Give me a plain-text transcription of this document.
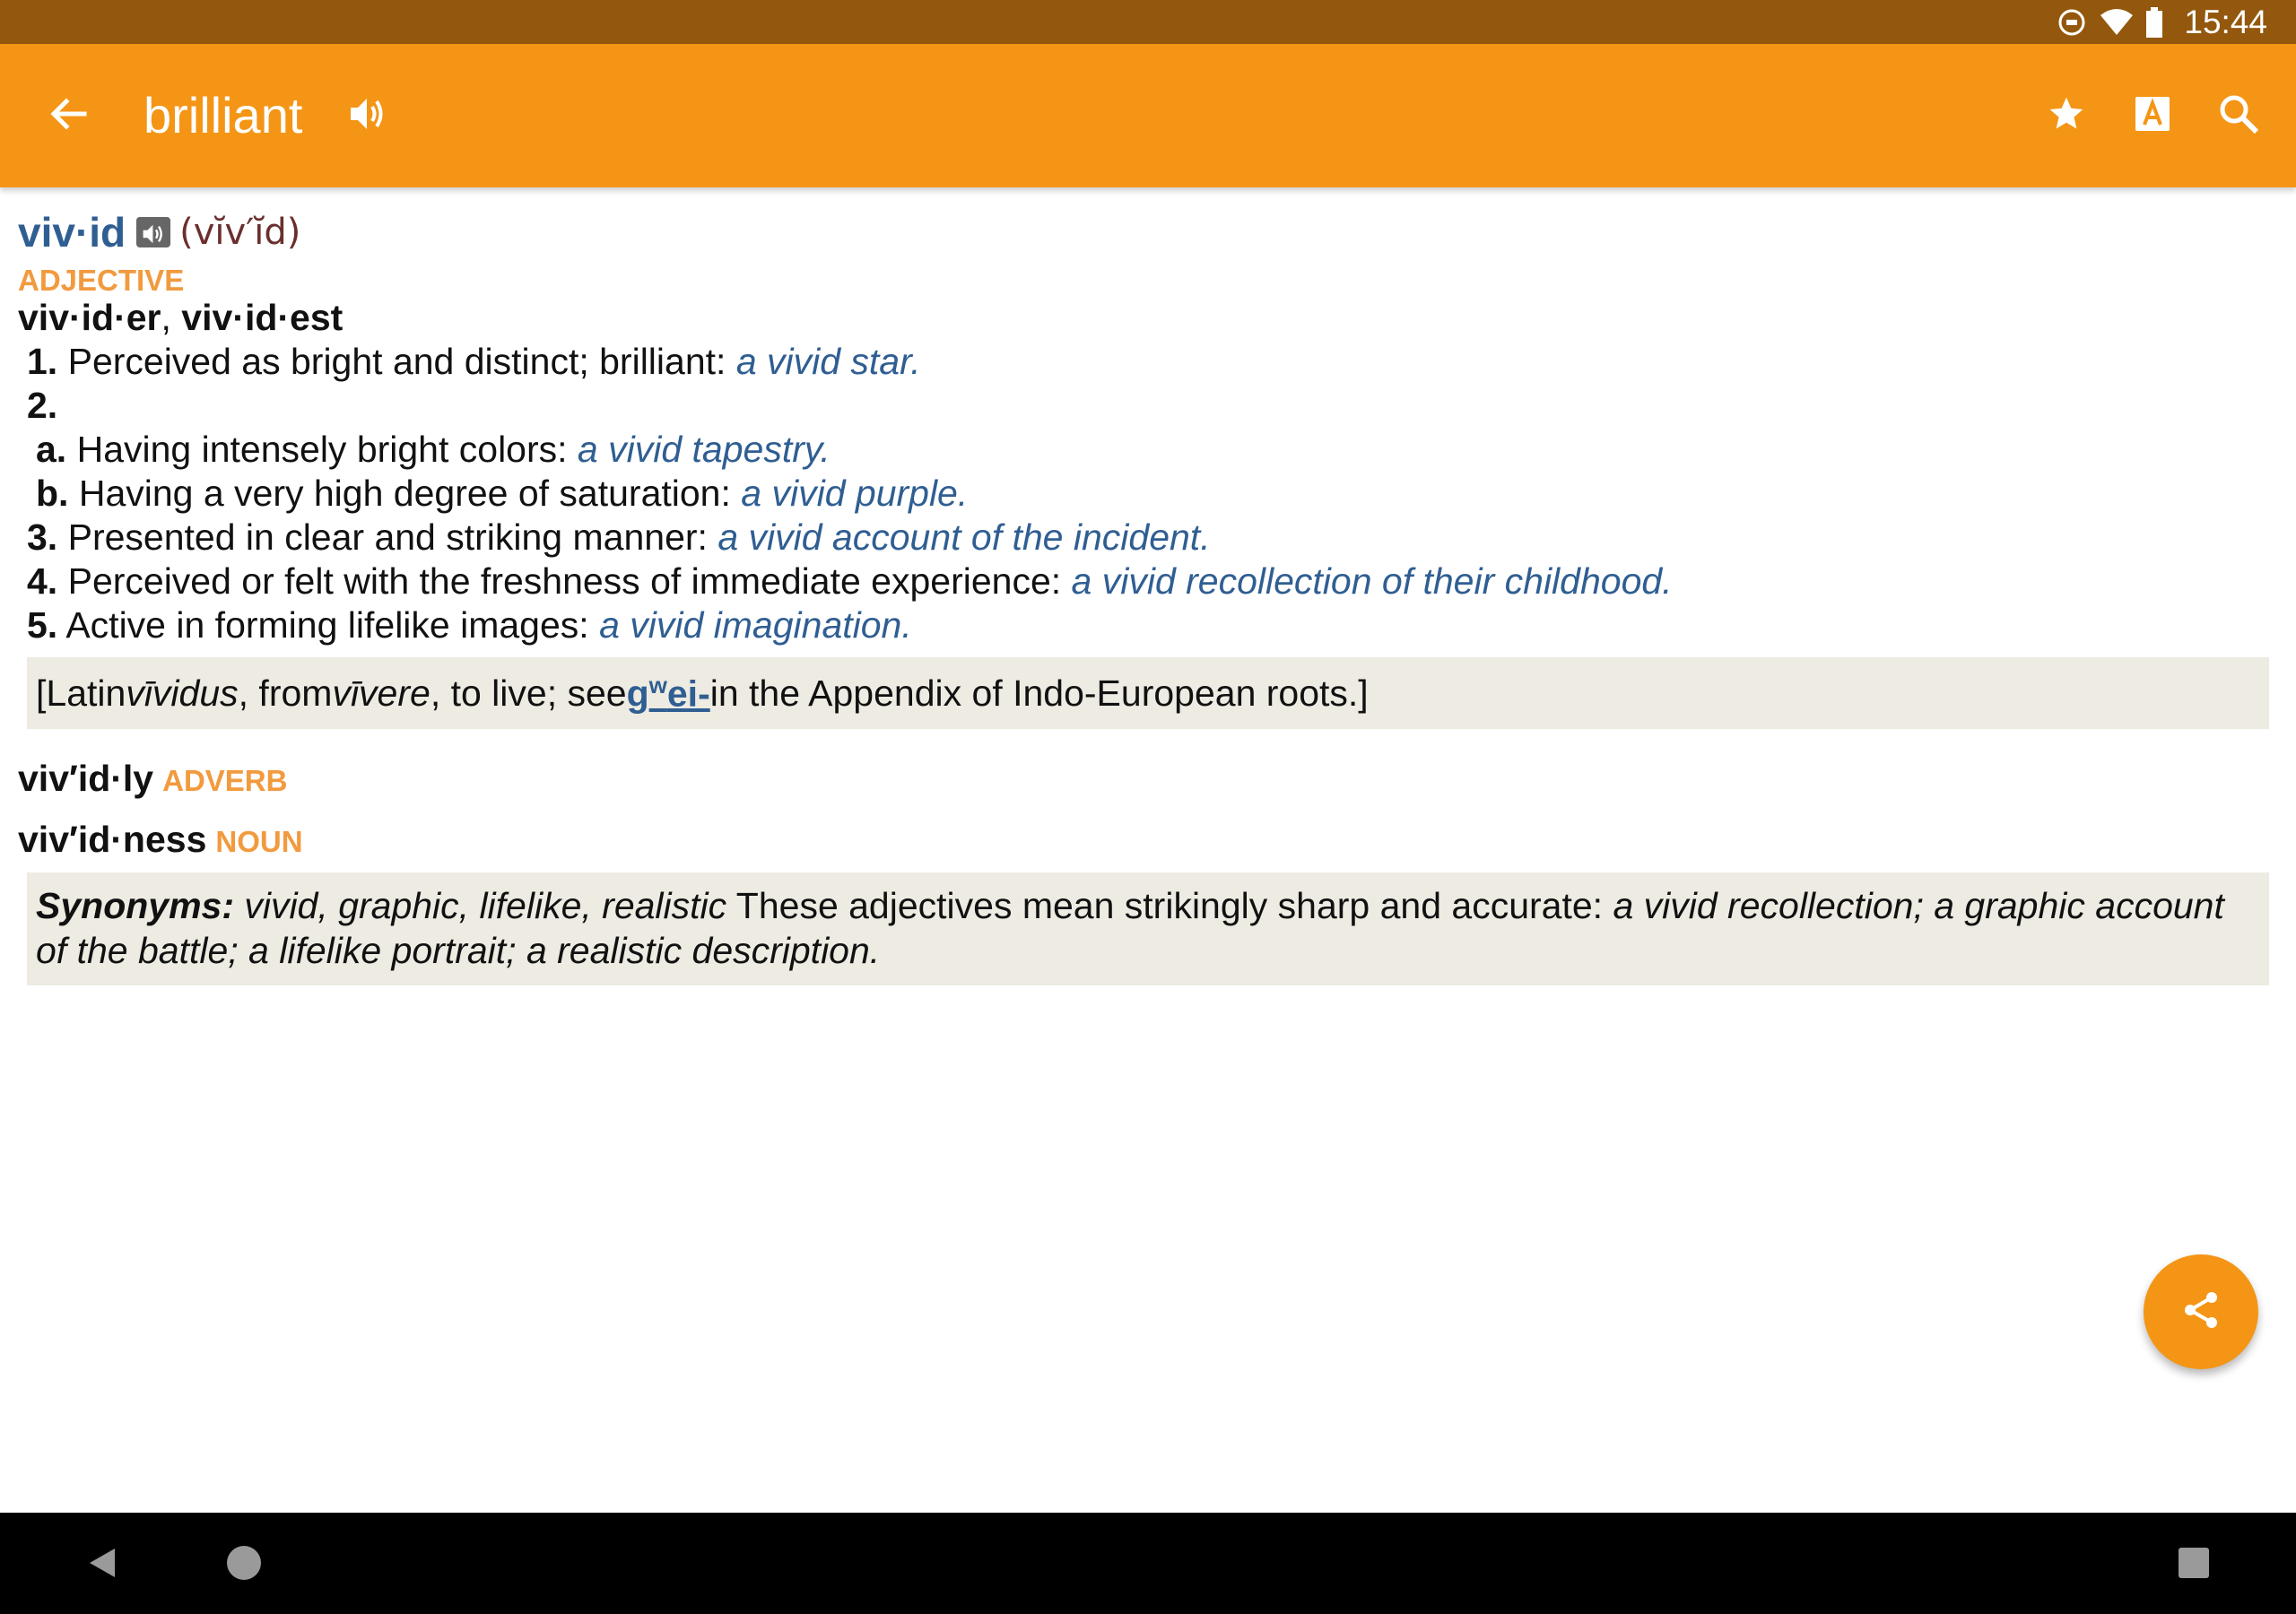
15:44
brilliant
viv·id (vĭv′ĭd)
ADJECTIVE
viv·id·er, viv·id·est
1. Perceived as bright and distinct; brilliant: a vivid star.
2.
a. Having intensely bright colors: a vivid tapestry.
b. Having a very high degree of saturation: a vivid purple.
3. Presented in clear and striking manner: a vivid account of the incident.
4. Perceived or felt with the freshness of immediate experience: a vivid recollection of their childhood.
5. Active in forming lifelike images: a vivid imagination.
[Latin vīvidus , from vīvere , to live; see $g^wei-$ in the Appendix of Indo-European roots.]
viv′id·ly ADVERB
viv′id·ness NOUN
Synonyms: vivid, graphic, lifelike, realistic These adjectives mean strikingly sharp and accurate: a vivid recollection; a graphic account of the battle; a lifelike portrait; a realistic description.
